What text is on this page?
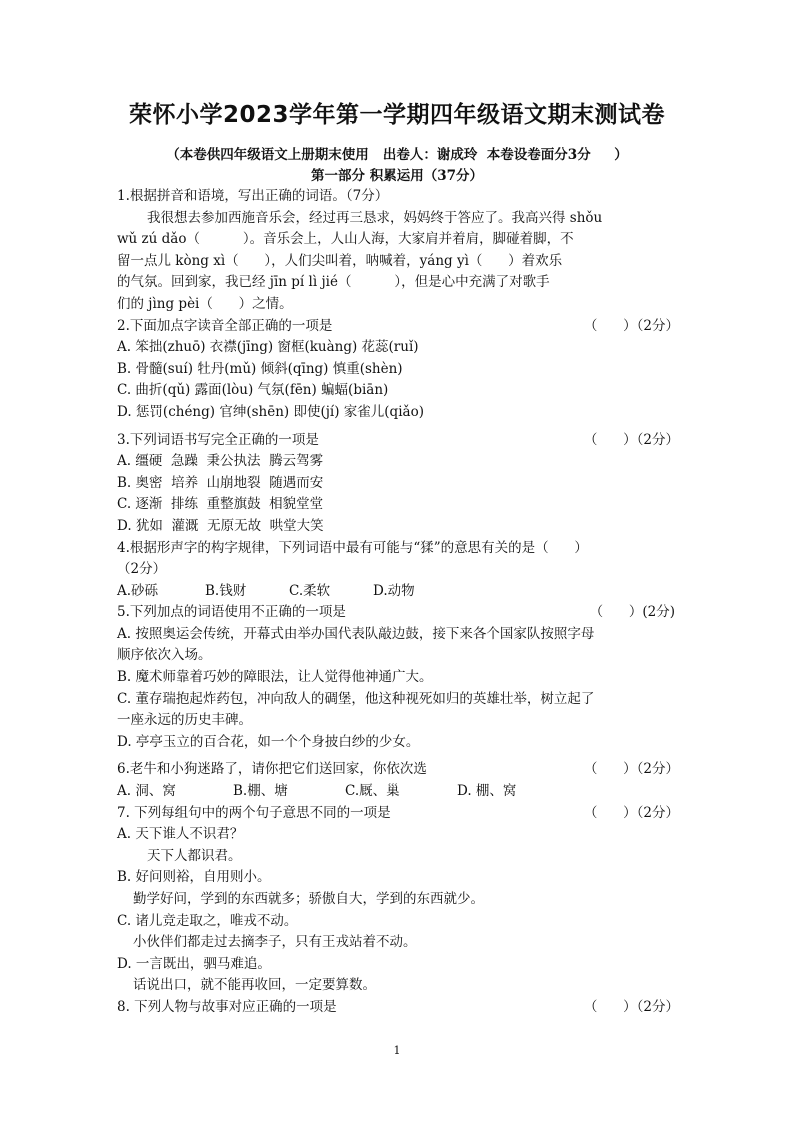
荣怀小学2023学年第一学期四年级语文期末测试卷
（本卷供四年级语文上册期末使用   出卷人：谢成玲  本卷设卷面分3分     ）
第一部分 积累运用（37分）

1.根据拼音和语境，写出正确的词语。（7分）

我很想去参加西施音乐会，经过再三恳求，妈妈终于答应了。我高兴得 shǒu

wǔ zú dǎo（          ）。音乐会上，人山人海，大家肩并着肩，脚碰着脚，不

留一点儿 kòng xì（      ），人们尖叫着，呐喊着，yáng yì（      ）着欢乐

的气氛。回到家，我已经 jīn pí lì jié（          ），但是心中充满了对歌手

们的 jìng pèi（      ）之情。

2.下面加点字读音全部正确的一项是	（      ）（2分）

A. 笨拙(zhuō) 衣襟(jīng) 窗框(kuàng) 花蕊(ruǐ)

B. 骨髓(suí) 牡丹(mǔ) 倾斜(qīng) 慎重(shèn)

C. 曲折(qǔ) 露面(lòu) 气氛(fēn) 蝙蝠(biān)

D. 惩罚(chéng) 官绅(shēn) 即使(jí) 家雀儿(qiǎo)

3.下列词语书写完全正确的一项是	（      ）（2分）

A. 缰硬  急躁  秉公执法  腾云驾雾

B. 奥密  培养  山崩地裂  随遇而安

C. 逐渐  排练  重整旗鼓  相貌堂堂

D. 犹如  灌溉  无原无故  哄堂大笑

4.根据形声字的构字规律，下列词语中最有可能与“猱”的意思有关的是（      ）

（2分）

A.砂砾	B.钱财	C.柔软	D.动物
5.下列加点的词语使用不正确的一项是	（      ）(2分)

A. 按照奥运会传统，开幕式由举办国代表队敲边鼓，接下来各个国家队按照字母

顺序依次入场。

B. 魔术师靠着巧妙的障眼法，让人觉得他神通广大。

C. 董存瑞抱起炸药包，冲向敌人的碉堡，他这种视死如归的英雄壮举，树立起了

一座永远的历史丰碑。

D. 亭亭玉立的百合花，如一个个身披白纱的少女。

6.老牛和小狗迷路了，请你把它们送回家，你依次选	（      ）（2分）
A. 洞、窝	B.棚、塘	C.厩、巢	D. 棚、窝
7. 下列每组句中的两个句子意思不同的一项是	（      ）（2分）

A. 天下谁人不识君？

天下人都识君。

B. 好问则裕，自用则小。

勤学好问，学到的东西就多；骄傲自大，学到的东西就少。

C. 诸儿竞走取之，唯戎不动。

小伙伴们都走过去摘李子，只有王戎站着不动。

D. 一言既出，驷马难追。

话说出口，就不能再收回，一定要算数。

8. 下列人物与故事对应正确的一项是	（      ）（2分）
1
